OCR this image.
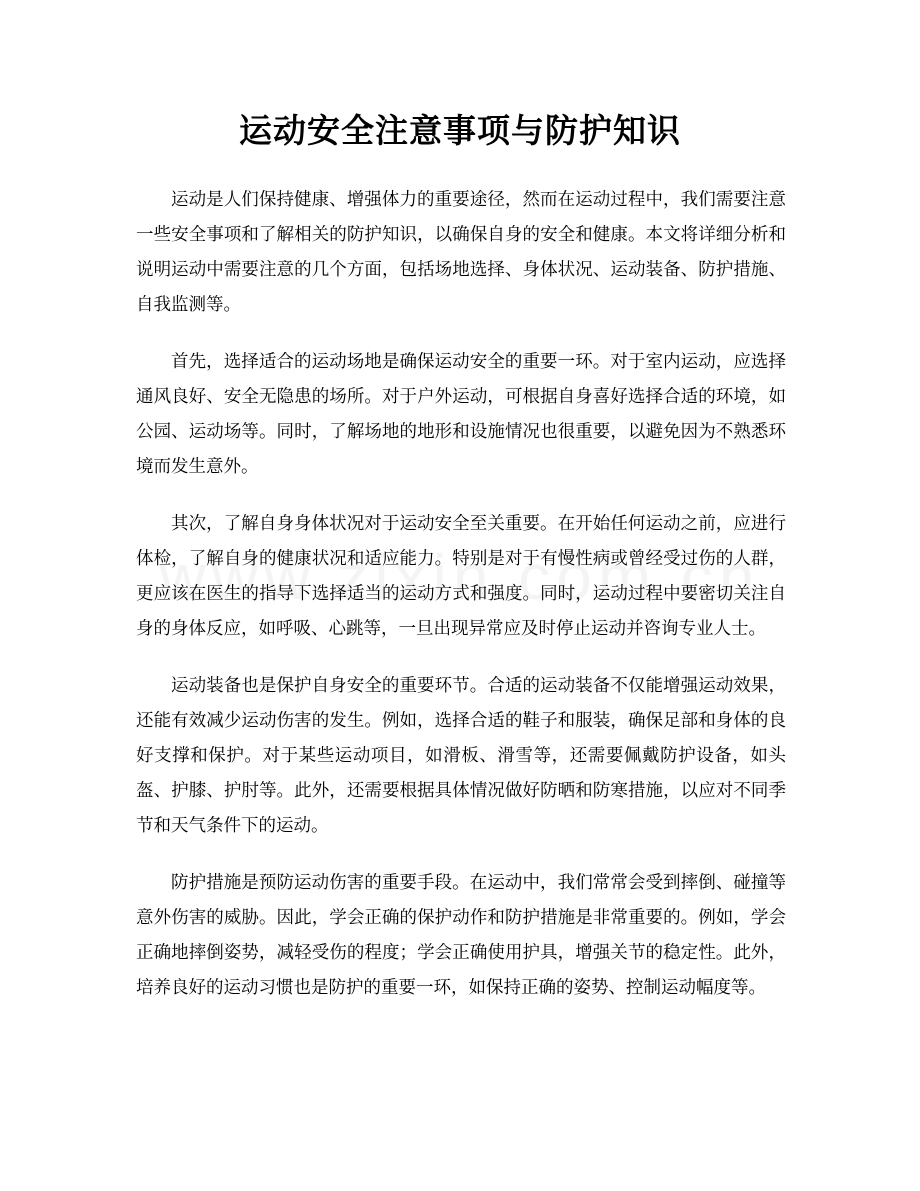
运动安全注意事项与防护知识

运动是人们保持健康、增强体力的重要途径，然而在运动过程中，我们需要注意一些安全事项和了解相关的防护知识，以确保自身的安全和健康。本文将详细分析和说明运动中需要注意的几个方面，包括场地选择、身体状况、运动装备、防护措施、自我监测等。

首先，选择适合的运动场地是确保运动安全的重要一环。对于室内运动，应选择通风良好、安全无隐患的场所。对于户外运动，可根据自身喜好选择合适的环境，如公园、运动场等。同时，了解场地的地形和设施情况也很重要，以避免因为不熟悉环境而发生意外。

其次，了解自身身体状况对于运动安全至关重要。在开始任何运动之前，应进行体检，了解自身的健康状况和适应能力。特别是对于有慢性病或曾经受过伤的人群，更应该在医生的指导下选择适当的运动方式和强度。同时，运动过程中要密切关注自身的身体反应，如呼吸、心跳等，一旦出现异常应及时停止运动并咨询专业人士。

运动装备也是保护自身安全的重要环节。合适的运动装备不仅能增强运动效果，还能有效减少运动伤害的发生。例如，选择合适的鞋子和服装，确保足部和身体的良好支撑和保护。对于某些运动项目，如滑板、滑雪等，还需要佩戴防护设备，如头盔、护膝、护肘等。此外，还需要根据具体情况做好防晒和防寒措施，以应对不同季节和天气条件下的运动。

防护措施是预防运动伤害的重要手段。在运动中，我们常常会受到摔倒、碰撞等意外伤害的威胁。因此，学会正确的保护动作和防护措施是非常重要的。例如，学会正确地摔倒姿势，减轻受伤的程度；学会正确使用护具，增强关节的稳定性。此外，培养良好的运动习惯也是防护的重要一环，如保持正确的姿势、控制运动幅度等。
